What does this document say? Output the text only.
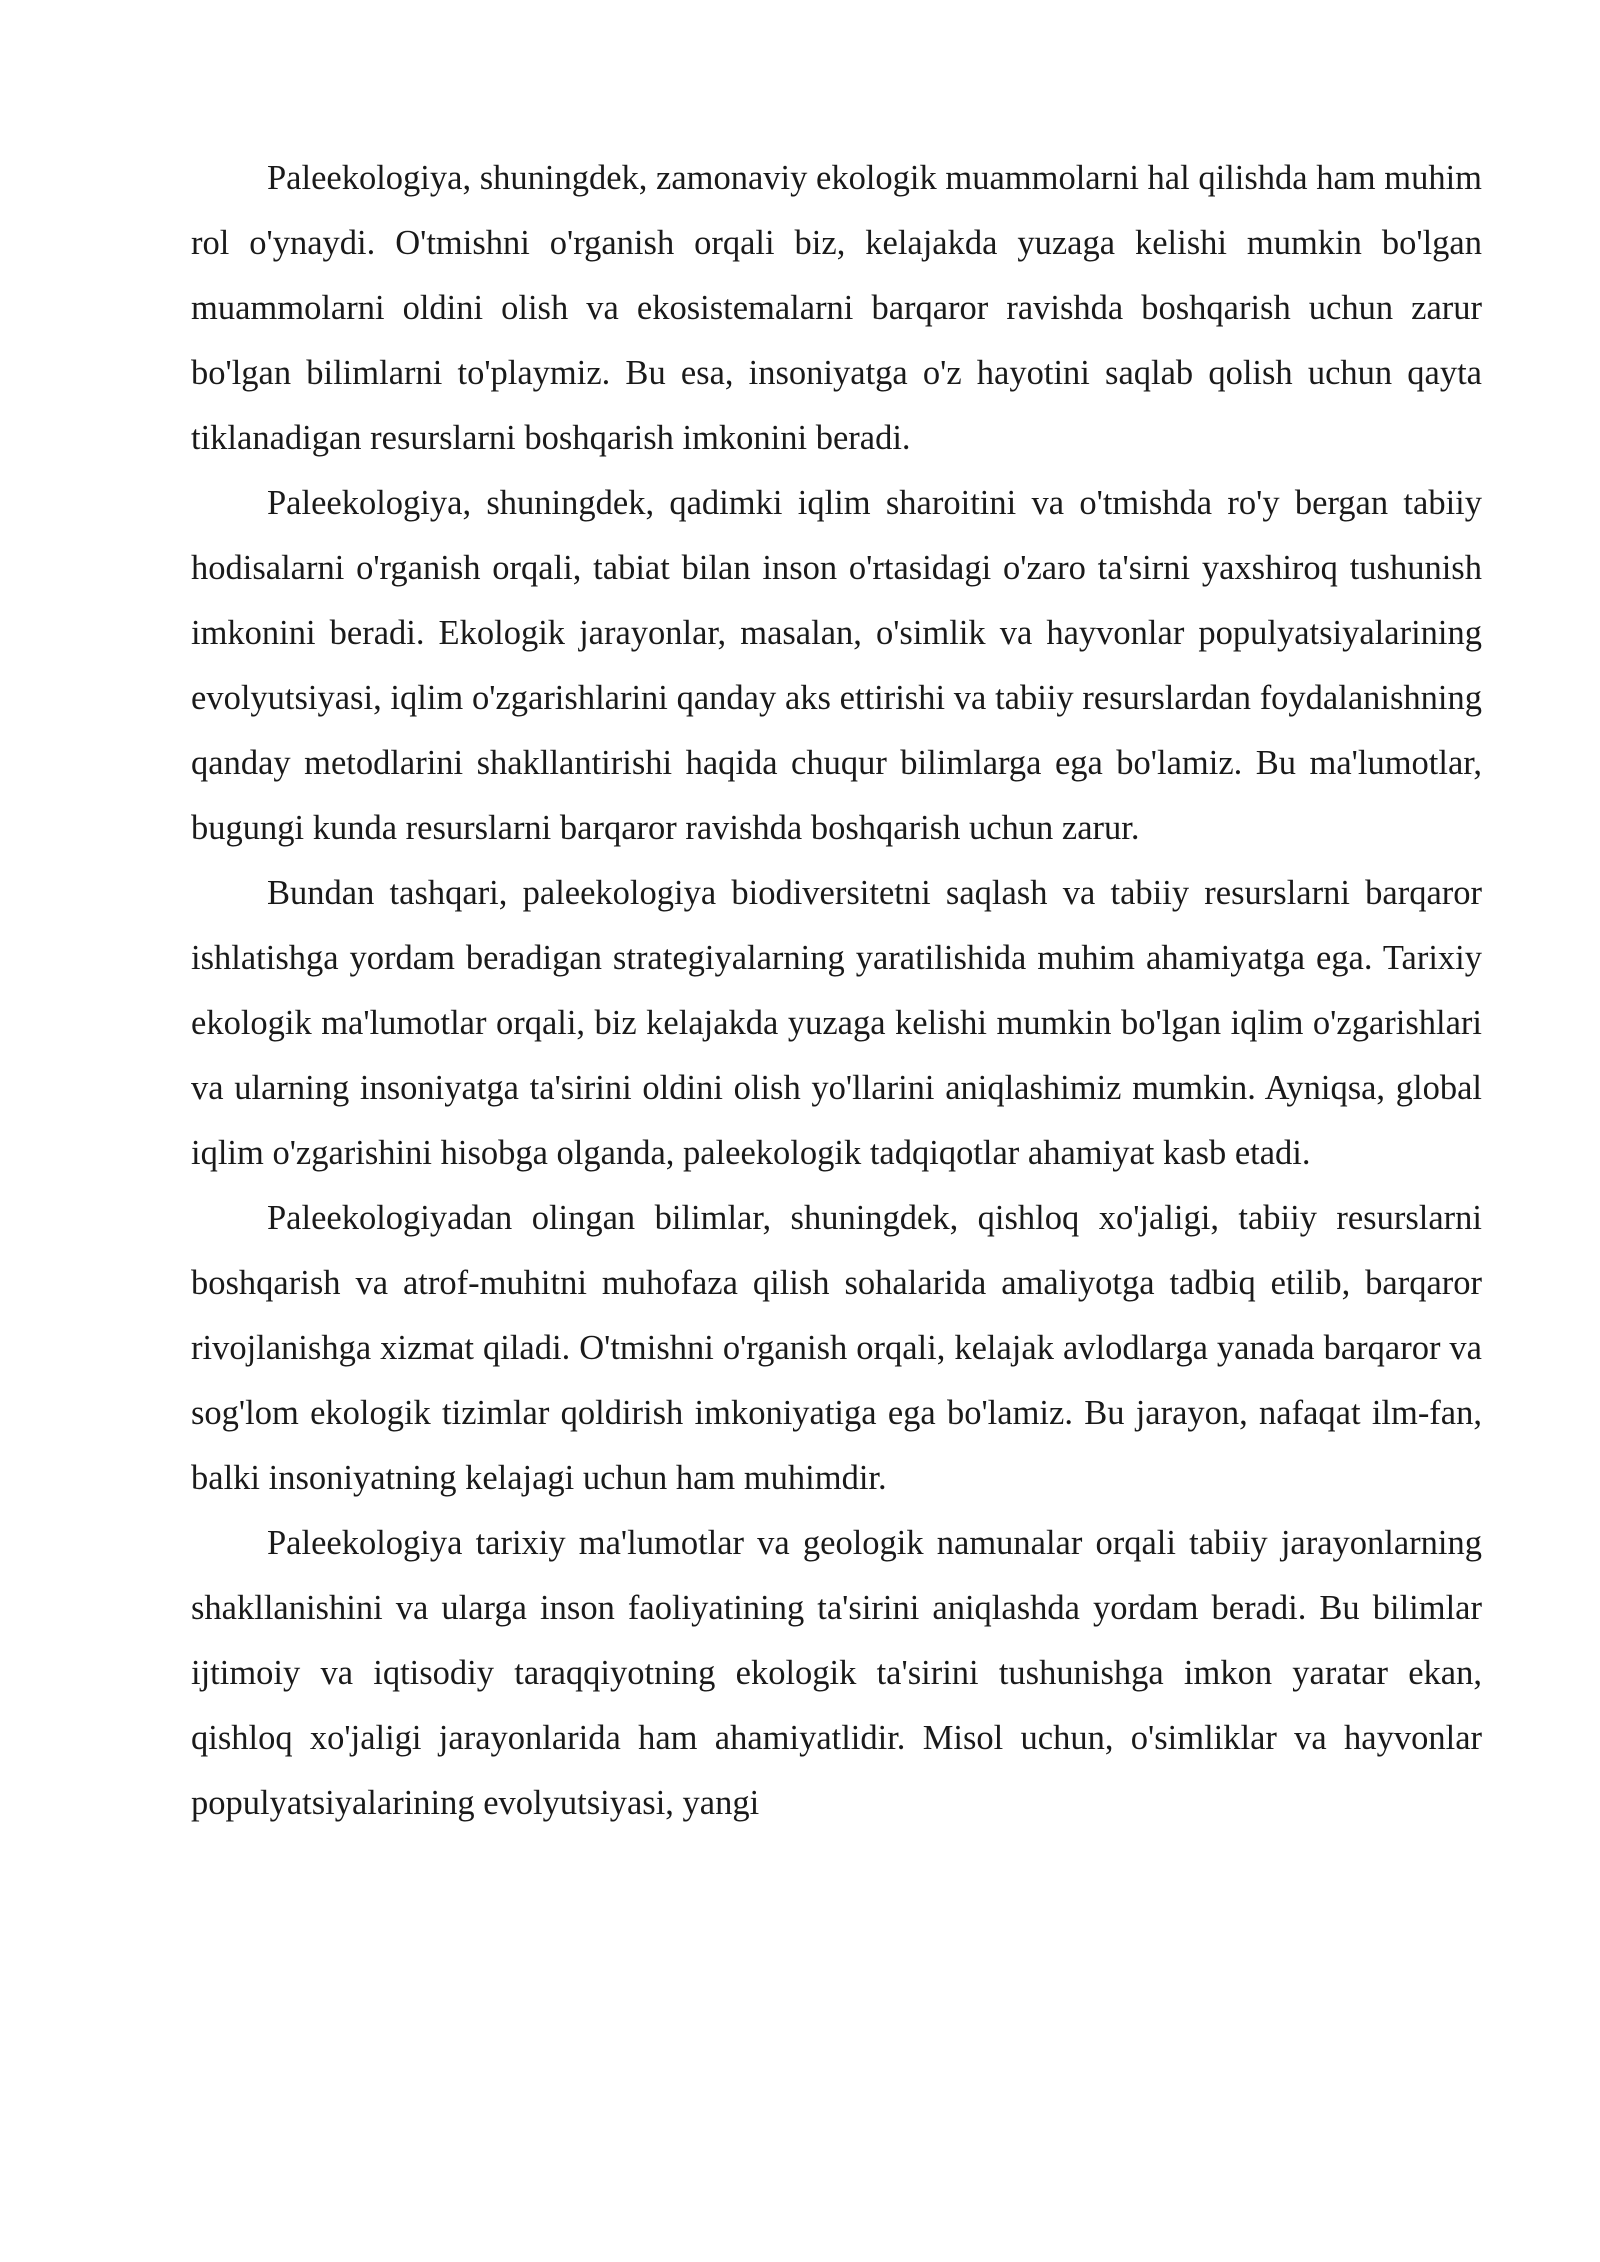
Paleekologiya, shuningdek, zamonaviy ekologik muammolarni hal qilishda ham muhim rol o'ynaydi. O'tmishni o'rganish orqali biz, kelajakda yuzaga kelishi mumkin bo'lgan muammolarni oldini olish va ekosistemalarni barqaror ravishda boshqarish uchun zarur bo'lgan bilimlarni to'playmiz. Bu esa, insoniyatga o'z hayotini saqlab qolish uchun qayta tiklanadigan resurslarni boshqarish imkonini beradi.

Paleekologiya, shuningdek, qadimki iqlim sharoitini va o'tmishda ro'y bergan tabiiy hodisalarni o'rganish orqali, tabiat bilan inson o'rtasidagi o'zaro ta'sirni yaxshiroq tushunish imkonini beradi. Ekologik jarayonlar, masalan, o'simlik va hayvonlar populyatsiyalarining evolyutsiyasi, iqlim o'zgarishlarini qanday aks ettirishi va tabiiy resurslardan foydalanishning qanday metodlarini shakllantirishi haqida chuqur bilimlarga ega bo'lamiz. Bu ma'lumotlar, bugungi kunda resurslarni barqaror ravishda boshqarish uchun zarur.

Bundan tashqari, paleekologiya biodiversitetni saqlash va tabiiy resurslarni barqaror ishlatishga yordam beradigan strategiyalarning yaratilishida muhim ahamiyatga ega. Tarixiy ekologik ma'lumotlar orqali, biz kelajakda yuzaga kelishi mumkin bo'lgan iqlim o'zgarishlari va ularning insoniyatga ta'sirini oldini olish yo'llarini aniqlashimiz mumkin. Ayniqsa, global iqlim o'zgarishini hisobga olganda, paleekologik tadqiqotlar ahamiyat kasb etadi.

Paleekologiyadan olingan bilimlar, shuningdek, qishloq xo'jaligi, tabiiy resurslarni boshqarish va atrof-muhitni muhofaza qilish sohalarida amaliyotga tadbiq etilib, barqaror rivojlanishga xizmat qiladi. O'tmishni o'rganish orqali, kelajak avlodlarga yanada barqaror va sog'lom ekologik tizimlar qoldirish imkoniyatiga ega bo'lamiz. Bu jarayon, nafaqat ilm-fan, balki insoniyatning kelajagi uchun ham muhimdir.

Paleekologiya tarixiy ma'lumotlar va geologik namunalar orqali tabiiy jarayonlarning shakllanishini va ularga inson faoliyatining ta'sirini aniqlashda yordam beradi. Bu bilimlar ijtimoiy va iqtisodiy taraqqiyotning ekologik ta'sirini tushunishga imkon yaratar ekan, qishloq xo'jaligi jarayonlarida ham ahamiyatlidir. Misol uchun, o'simliklar va hayvonlar populyatsiyalarining evolyutsiyasi, yangi
